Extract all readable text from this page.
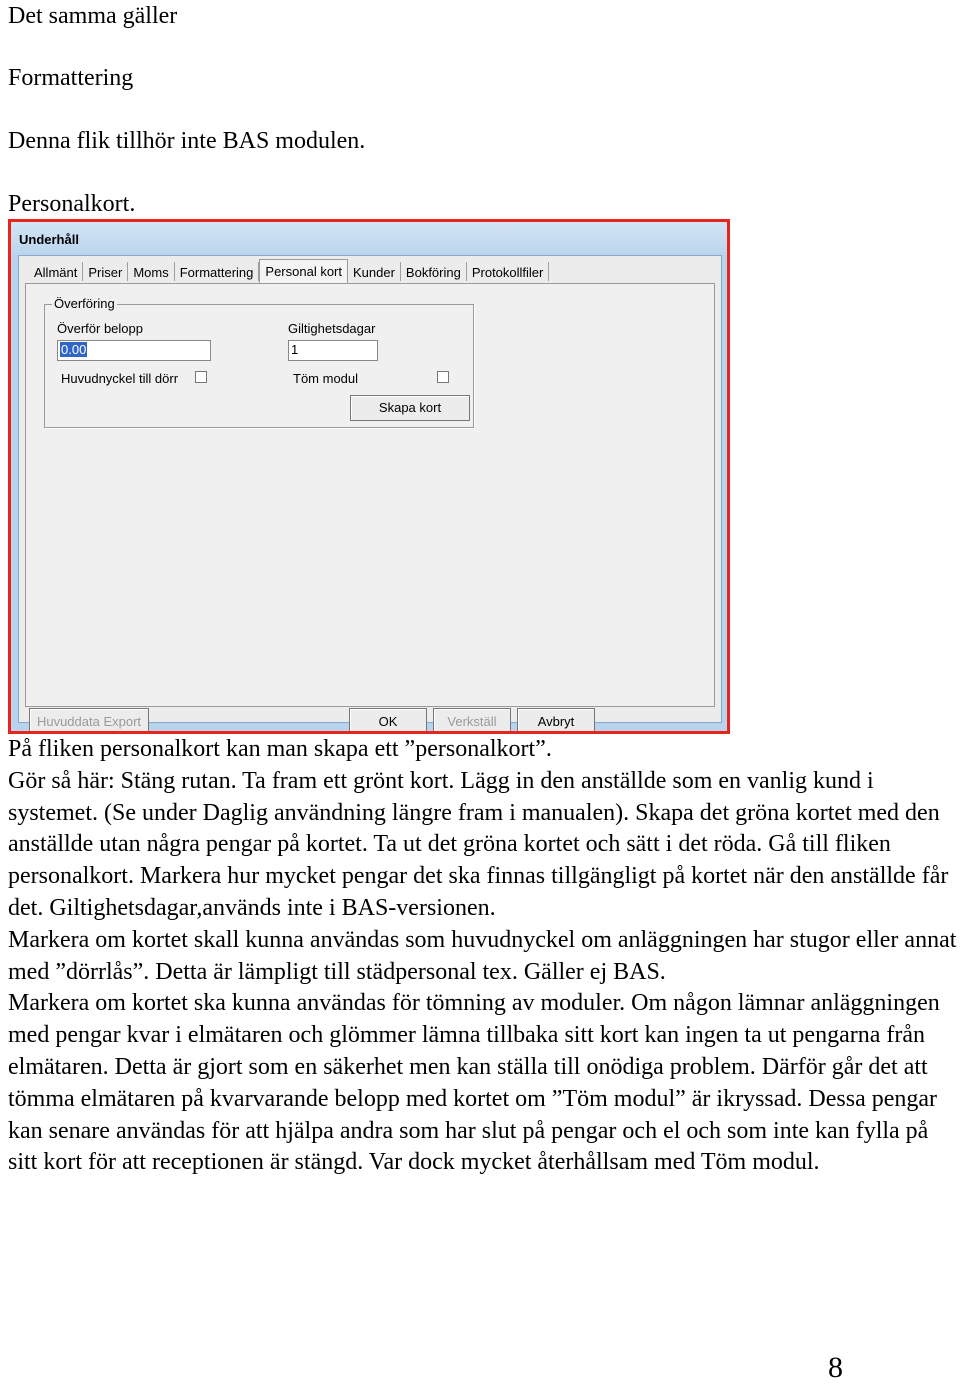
Det samma gäller
Formattering
Denna flik tillhör inte BAS modulen.
Personalkort.
Underhåll
Allmänt Priser Moms Formattering Personal kort Kunder Bokföring Protokollfiler
Överföring
Överför belopp
0.00
Giltighetsdagar
1
Huvudnyckel till dörr	Töm modul
Skapa kort
Huvuddata Export	OK	Verkställ	Avbryt

På fliken personalkort kan man skapa ett ”personalkort”.

Gör så här: Stäng rutan. Ta fram ett grönt kort. Lägg in den anställde som en vanlig kund i systemet. (Se under Daglig användning längre fram i manualen). Skapa det gröna kortet med den anställde utan några pengar på kortet. Ta ut det gröna kortet och sätt i det röda. Gå till fliken personalkort. Markera hur mycket pengar det ska finnas tillgängligt på kortet när den anställde får det. Giltighetsdagar,används inte i BAS-versionen.

Markera om kortet skall kunna användas som huvudnyckel om anläggningen har stugor eller annat med ”dörrlås”. Detta är lämpligt till städpersonal tex. Gäller ej BAS.

Markera om kortet ska kunna användas för tömning av moduler. Om någon lämnar anläggningen med pengar kvar i elmätaren och glömmer lämna tillbaka sitt kort kan ingen ta ut pengarna från elmätaren. Detta är gjort som en säkerhet men kan ställa till onödiga problem. Därför går det att tömma elmätaren på kvarvarande belopp med kortet om ”Töm modul” är ikryssad. Dessa pengar kan senare användas för att hjälpa andra som har slut på pengar och el och som inte kan fylla på sitt kort för att receptionen är stängd. Var dock mycket återhållsam med Töm modul.

8
